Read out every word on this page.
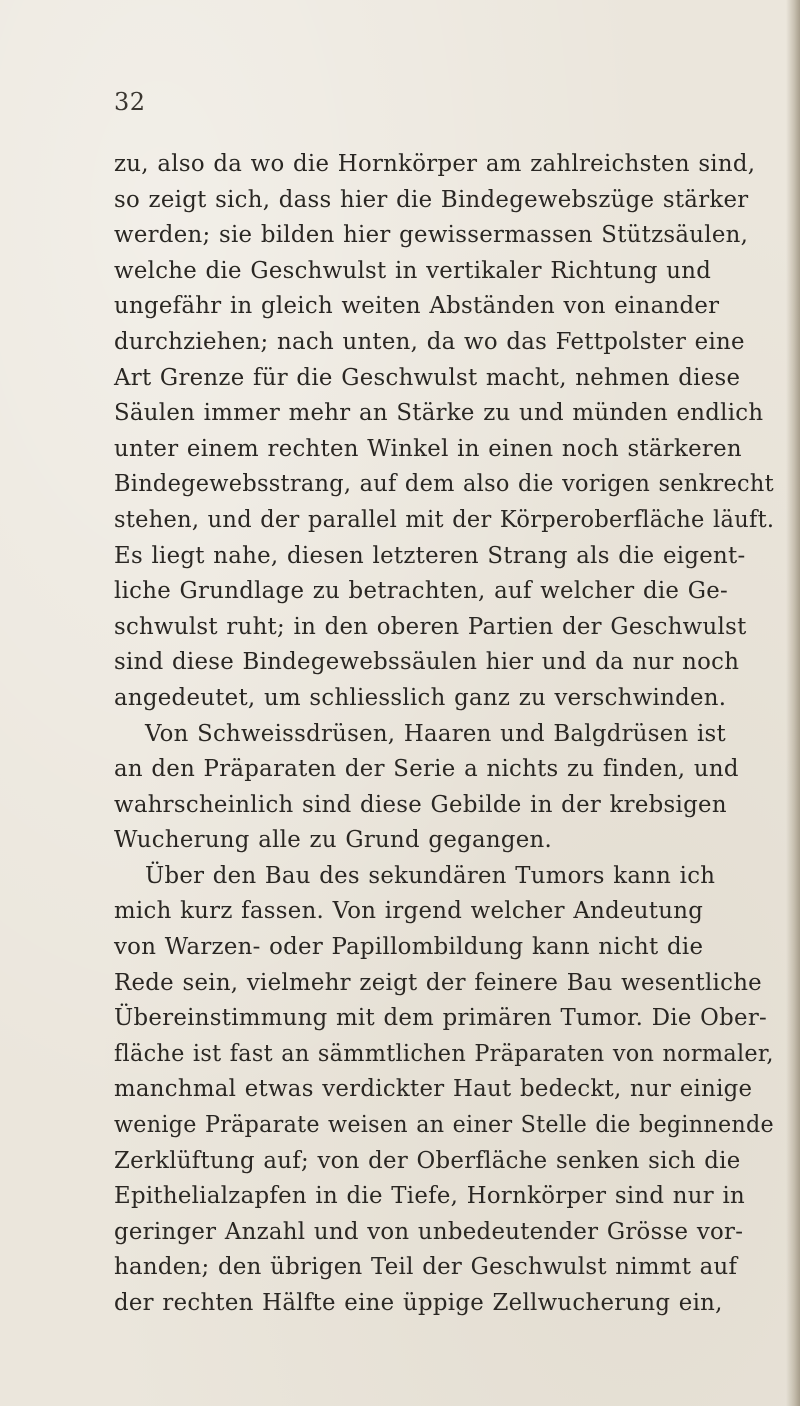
32
zu, also da wo die Hornkörper am zahlreichsten sind,
so zeigt sich, dass hier die Bindegewebszüge stärker
werden; sie bilden hier gewissermassen Stützsäulen,
welche die Geschwulst in vertikaler Richtung und
ungefähr in gleich weiten Abständen von einander
durchziehen; nach unten, da wo das Fettpolster eine
Art Grenze für die Geschwulst macht, nehmen diese
Säulen immer mehr an Stärke zu und münden endlich
unter einem rechten Winkel in einen noch stärkeren
Bindegewebsstrang, auf dem also die vorigen senkrecht
stehen, und der parallel mit der Körperoberfläche läuft.
Es liegt nahe, diesen letzteren Strang als die eigent-
liche Grundlage zu betrachten, auf welcher die Ge-
schwulst ruht; in den oberen Partien der Geschwulst
sind diese Bindegewebssäulen hier und da nur noch
angedeutet, um schliesslich ganz zu verschwinden.
Von Schweissdrüsen, Haaren und Balgdrüsen ist
an den Präparaten der Serie a nichts zu finden, und
wahrscheinlich sind diese Gebilde in der krebsigen
Wucherung alle zu Grund gegangen.
Über den Bau des sekundären Tumors kann ich
mich kurz fassen. Von irgend welcher Andeutung
von Warzen- oder Papillombildung kann nicht die
Rede sein, vielmehr zeigt der feinere Bau wesentliche
Übereinstimmung mit dem primären Tumor. Die Ober-
fläche ist fast an sämmtlichen Präparaten von normaler,
manchmal etwas verdickter Haut bedeckt, nur einige
wenige Präparate weisen an einer Stelle die beginnende
Zerklüftung auf; von der Oberfläche senken sich die
Epithelialzapfen in die Tiefe, Hornkörper sind nur in
geringer Anzahl und von unbedeutender Grösse vor-
handen; den übrigen Teil der Geschwulst nimmt auf
der rechten Hälfte eine üppige Zellwucherung ein,
